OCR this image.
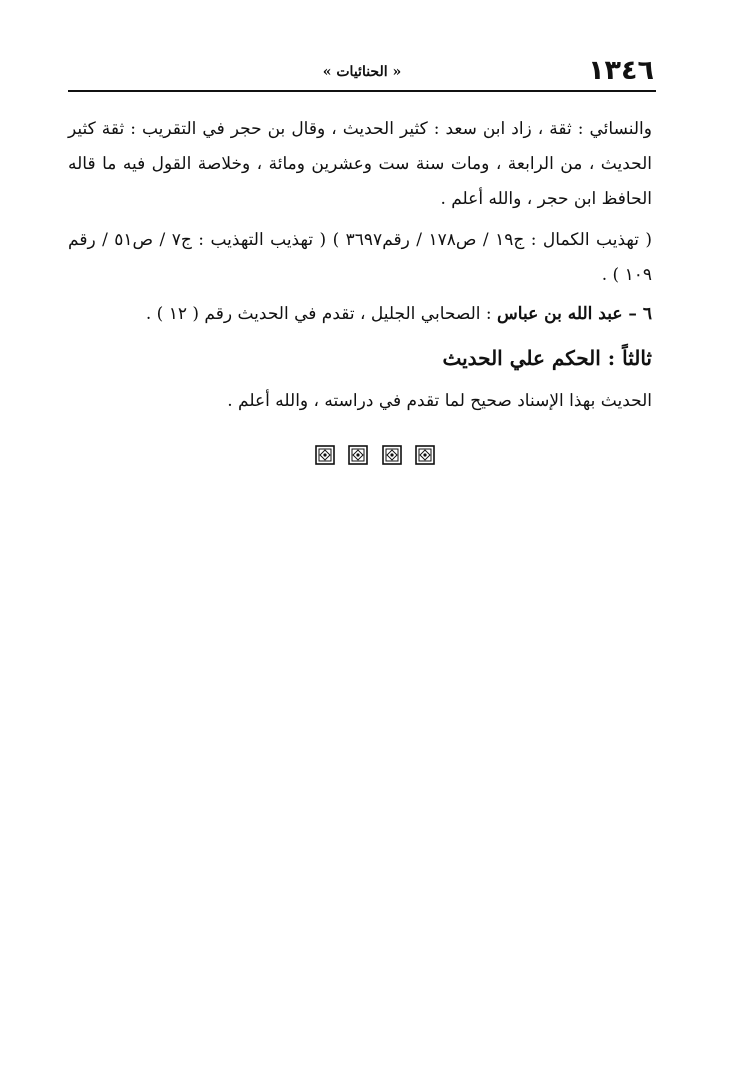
١٣٤٦
« الحنائيات »

والنسائي : ثقة ، زاد ابن سعد : كثير الحديث ، وقال بن حجر في التقريب : ثقة كثير الحديث ، من الرابعة ، ومات سنة ست وعشرين ومائة ، وخلاصة القول فيه ما قاله الحافظ ابن حجر ، والله أعلم .

( تهذيب الكمال : ج١٩ / ص١٧٨ / رقم٣٦٩٧ ) ( تهذيب التهذيب : ج٧ / ص٥١ / رقم ١٠٩ ) .

٦ – عبد الله بن عباس : الصحابي الجليل ، تقدم في الحديث رقم ( ١٢ ) .

ثالثاً : الحكم علي الحديث

الحديث بهذا الإسناد صحيح لما تقدم في دراسته ، والله أعلم .
